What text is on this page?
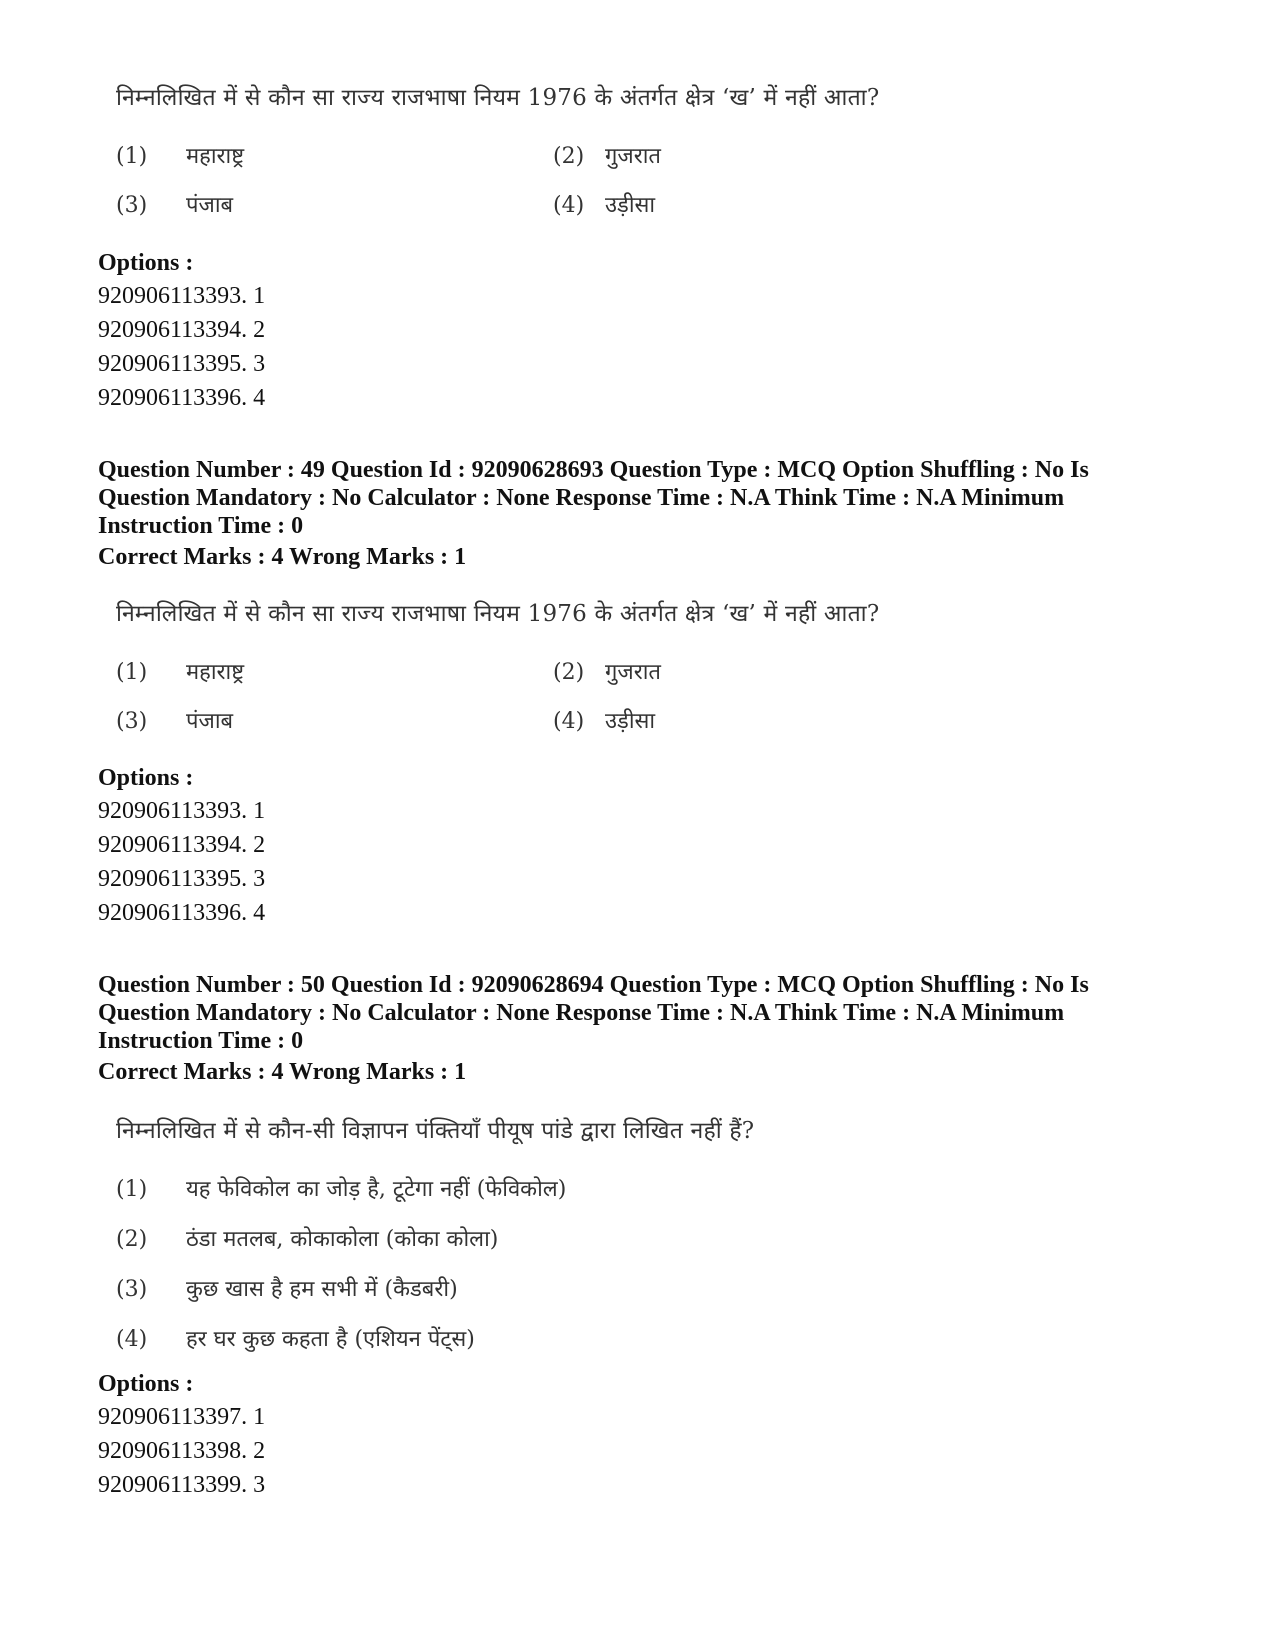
निम्नलिखित में से कौन सा राज्य राजभाषा नियम 1976 के अंतर्गत क्षेत्र ‘ख’ में नहीं आता?
(1) महाराष्ट्र	(2) गुजरात
(3) पंजाब	(4) उड़ीसा
Options :
920906113393. 1
920906113394. 2
920906113395. 3
920906113396. 4
Question Number : 49 Question Id : 92090628693 Question Type : MCQ Option Shuffling : No Is
Question Mandatory : No Calculator : None Response Time : N.A Think Time : N.A Minimum
Instruction Time : 0
Correct Marks : 4 Wrong Marks : 1
निम्नलिखित में से कौन सा राज्य राजभाषा नियम 1976 के अंतर्गत क्षेत्र ‘ख’ में नहीं आता?
(1) महाराष्ट्र	(2) गुजरात
(3) पंजाब	(4) उड़ीसा
Options :
920906113393. 1
920906113394. 2
920906113395. 3
920906113396. 4
Question Number : 50 Question Id : 92090628694 Question Type : MCQ Option Shuffling : No Is
Question Mandatory : No Calculator : None Response Time : N.A Think Time : N.A Minimum
Instruction Time : 0
Correct Marks : 4 Wrong Marks : 1
निम्नलिखित में से कौन-सी विज्ञापन पंक्तियाँ पीयूष पांडे द्वारा लिखित नहीं हैं?
(1) यह फेविकोल का जोड़ है, टूटेगा नहीं (फेविकोल)
(2) ठंडा मतलब, कोकाकोला (कोका कोला)
(3) कुछ खास है हम सभी में (कैडबरी)
(4) हर घर कुछ कहता है (एशियन पेंट्स)
Options :
920906113397. 1
920906113398. 2
920906113399. 3
